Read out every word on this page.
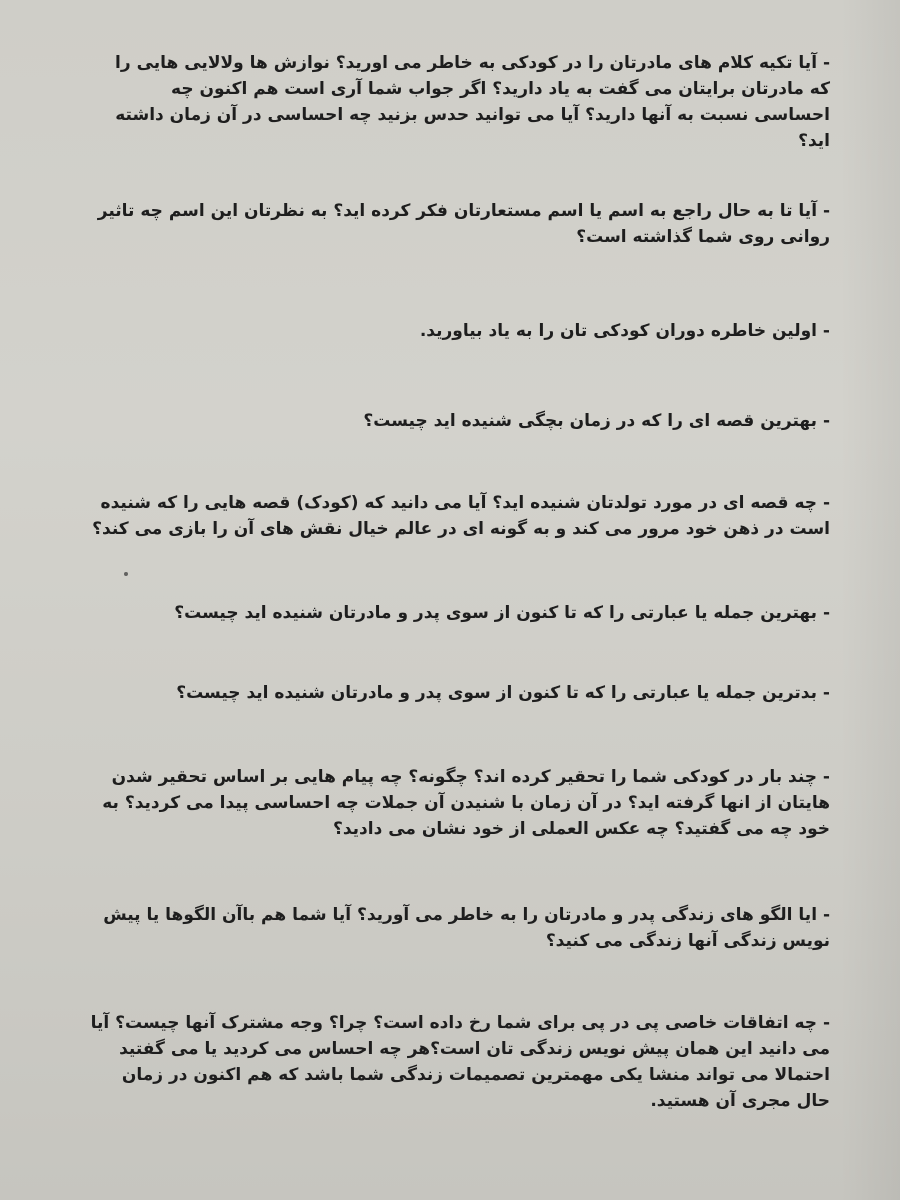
- آیا تکیه کلام های مادرتان را در کودکی به خاطر می اورید؟ نوازش ها ولالایی هایی را که مادرتان برایتان می گفت به یاد دارید؟ اگر جواب شما آری است هم اکنون چه احساسی نسبت به آنها دارید؟ آیا می توانید حدس بزنید چه احساسی در آن زمان داشته اید؟

- آیا تا به حال راجع به اسم یا اسم مستعارتان فکر کرده اید؟ به نظرتان این اسم چه تاثیر روانی روی شما گذاشته است؟

- اولین خاطره دوران کودکی تان را به یاد بیاورید.

- بهترین قصه ای را که در زمان بچگی شنیده اید چیست؟

- چه قصه ای در مورد تولدتان شنیده اید؟ آیا می دانید که (کودک) قصه هایی را که شنیده است در ذهن خود مرور می کند و به گونه ای در عالم خیال نقش های آن را بازی می کند؟

- بهترین جمله یا عبارتی را که تا کنون از سوی پدر و مادرتان شنیده اید چیست؟

- بدترین جمله یا عبارتی را که تا کنون از سوی پدر و مادرتان شنیده اید چیست؟

- چند بار در کودکی شما را تحقیر کرده اند؟ چگونه؟ چه پیام هایی بر اساس تحقیر شدن هایتان از انها گرفته اید؟ در آن زمان با شنیدن آن جملات چه احساسی پیدا می کردید؟ به خود چه می گفتید؟ چه عکس العملی از خود نشان می دادید؟

- ایا الگو های زندگی پدر و مادرتان را به خاطر می آورید؟ آیا شما هم باآن الگوها یا پیش نویس زندگی آنها زندگی می کنید؟

- چه اتفاقات خاصی پی در پی برای شما رخ داده است؟ چرا؟ وجه مشترک آنها چیست؟ آیا می دانید این همان پیش نویس زندگی تان است؟هر چه احساس می کردید یا می گفتید احتمالا می تواند منشا یکی مهمترین تصمیمات زندگی شما باشد که هم اکنون در زمان حال مجری آن هستید.
